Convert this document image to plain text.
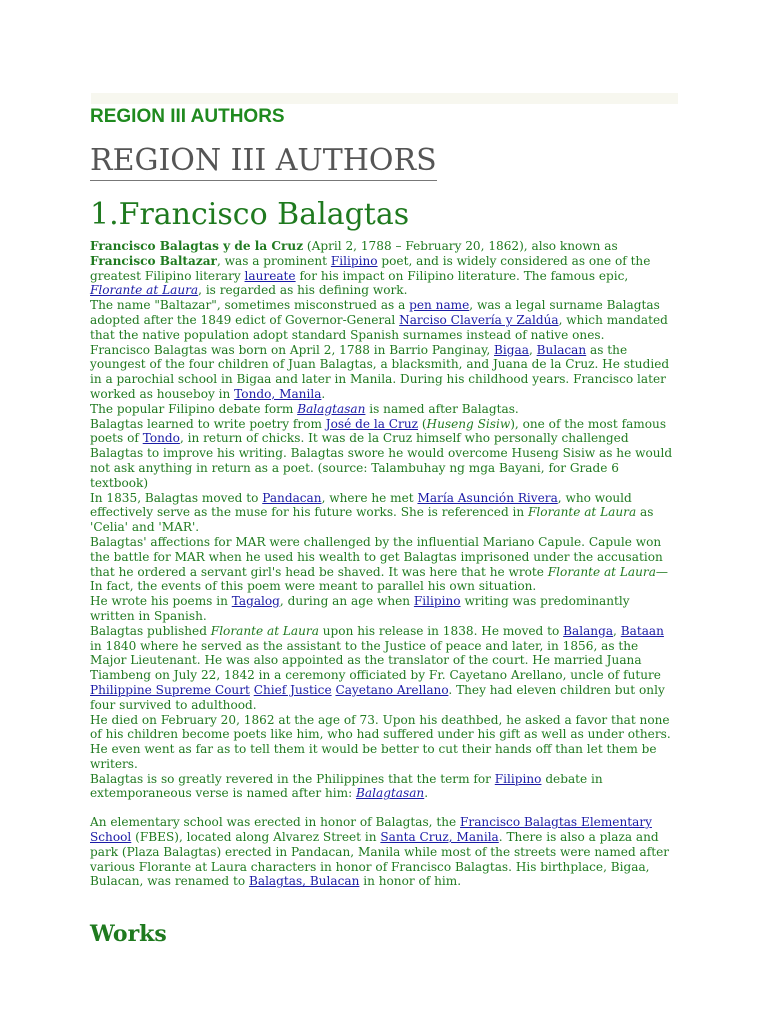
REGION III AUTHORS
REGION III AUTHORS
1.Francisco Balagtas

Francisco Balagtas y de la Cruz (April 2, 1788 – February 20, 1862), also known as Francisco Baltazar, was a prominent Filipino poet, and is widely considered as one of the greatest Filipino literary laureate for his impact on Filipino literature. The famous epic, Florante at Laura, is regarded as his defining work.

The name "Baltazar", sometimes misconstrued as a pen name, was a legal surname Balagtas adopted after the 1849 edict of Governor-General Narciso Clavería y Zaldúa, which mandated that the native population adopt standard Spanish surnames instead of native ones.

Francisco Balagtas was born on April 2, 1788 in Barrio Panginay, Bigaa, Bulacan as the youngest of the four children of Juan Balagtas, a blacksmith, and Juana de la Cruz. He studied in a parochial school in Bigaa and later in Manila. During his childhood years. Francisco later worked as houseboy in Tondo, Manila.

The popular Filipino debate form Balagtasan is named after Balagtas.

Balagtas learned to write poetry from José de la Cruz (Huseng Sisiw), one of the most famous poets of Tondo, in return of chicks. It was de la Cruz himself who personally challenged Balagtas to improve his writing. Balagtas swore he would overcome Huseng Sisiw as he would not ask anything in return as a poet. (source: Talambuhay ng mga Bayani, for Grade 6 textbook)

In 1835, Balagtas moved to Pandacan, where he met María Asunción Rivera, who would effectively serve as the muse for his future works. She is referenced in Florante at Laura as 'Celia' and 'MAR'.

Balagtas' affections for MAR were challenged by the influential Mariano Capule. Capule won the battle for MAR when he used his wealth to get Balagtas imprisoned under the accusation that he ordered a servant girl's head be shaved. It was here that he wrote Florante at Laura—In fact, the events of this poem were meant to parallel his own situation.

He wrote his poems in Tagalog, during an age when Filipino writing was predominantly written in Spanish.

Balagtas published Florante at Laura upon his release in 1838. He moved to Balanga, Bataan in 1840 where he served as the assistant to the Justice of peace and later, in 1856, as the Major Lieutenant. He was also appointed as the translator of the court. He married Juana Tiambeng on July 22, 1842 in a ceremony officiated by Fr. Cayetano Arellano, uncle of future Philippine Supreme Court Chief Justice Cayetano Arellano. They had eleven children but only four survived to adulthood.

He died on February 20, 1862 at the age of 73. Upon his deathbed, he asked a favor that none of his children become poets like him, who had suffered under his gift as well as under others. He even went as far as to tell them it would be better to cut their hands off than let them be writers.

Balagtas is so greatly revered in the Philippines that the term for Filipino debate in extemporaneous verse is named after him: Balagtasan.

An elementary school was erected in honor of Balagtas, the Francisco Balagtas Elementary School (FBES), located along Alvarez Street in Santa Cruz, Manila. There is also a plaza and park (Plaza Balagtas) erected in Pandacan, Manila while most of the streets were named after various Florante at Laura characters in honor of Francisco Balagtas. His birthplace, Bigaa, Bulacan, was renamed to Balagtas, Bulacan in honor of him.

Works
